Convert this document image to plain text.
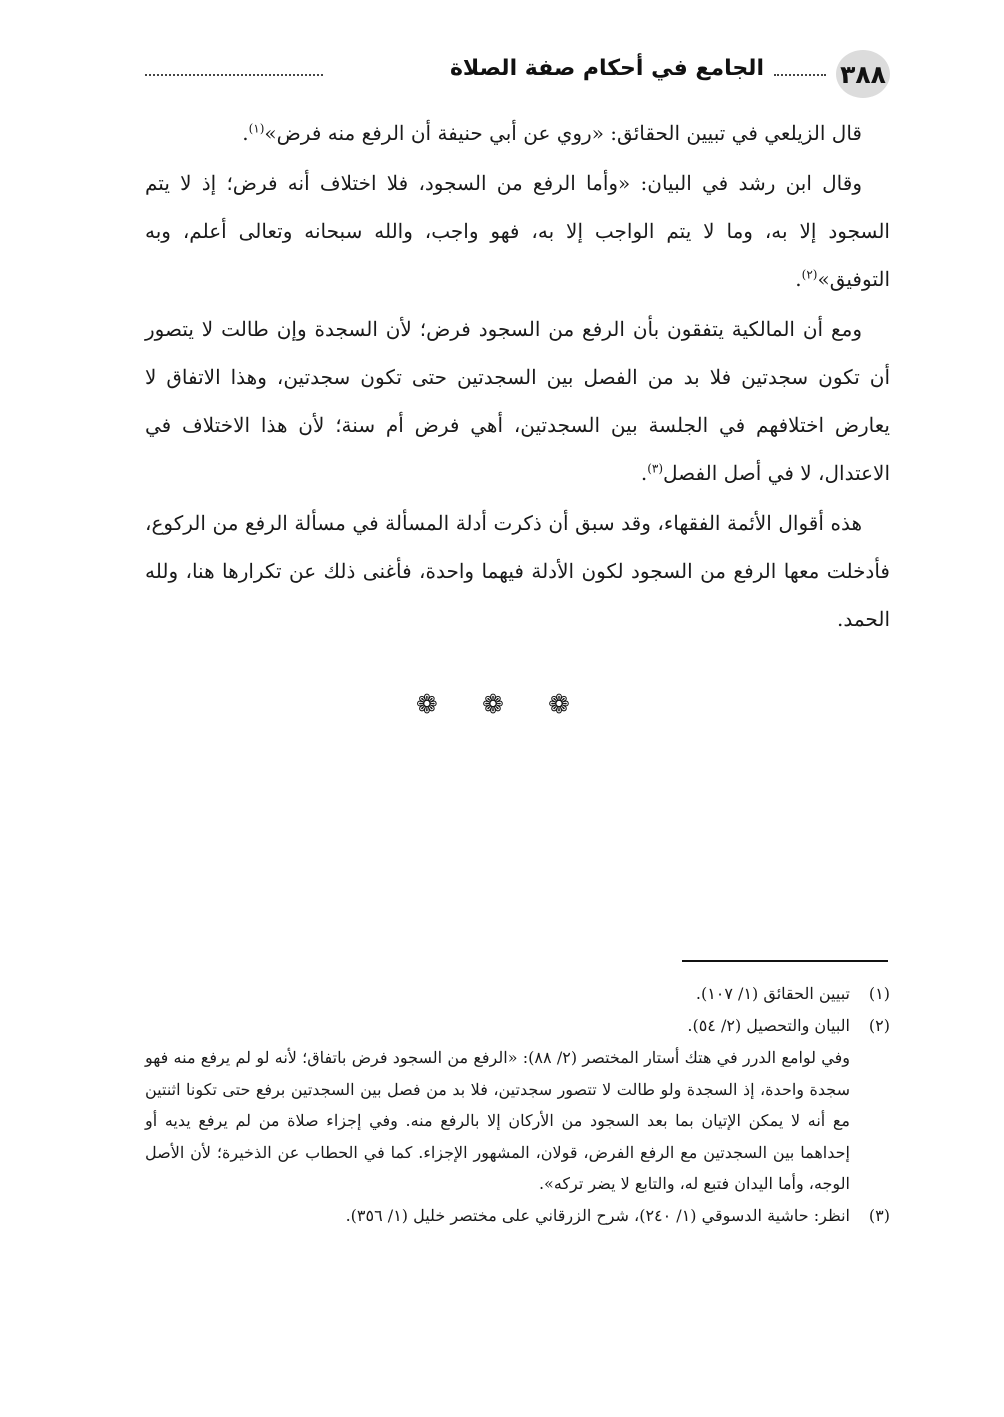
٣٨٨
الجامع في أحكام صفة الصلاة

قال الزيلعي في تبيين الحقائق: «روي عن أبي حنيفة أن الرفع منه فرض»$^{(١)}$.

وقال ابن رشد في البيان: «وأما الرفع من السجود، فلا اختلاف أنه فرض؛ إذ لا يتم السجود إلا به، وما لا يتم الواجب إلا به، فهو واجب، والله سبحانه وتعالى أعلم، وبه التوفيق»$^{(٢)}$.

ومع أن المالكية يتفقون بأن الرفع من السجود فرض؛ لأن السجدة وإن طالت لا يتصور أن تكون سجدتين فلا بد من الفصل بين السجدتين حتى تكون سجدتين، وهذا الاتفاق لا يعارض اختلافهم في الجلسة بين السجدتين، أهي فرض أم سنة؛ لأن هذا الاختلاف في الاعتدال، لا في أصل الفصل$^{(٣)}$.

هذه أقوال الأئمة الفقهاء، وقد سبق أن ذكرت أدلة المسألة في مسألة الرفع من الركوع، فأدخلت معها الرفع من السجود لكون الأدلة فيهما واحدة، فأغنى ذلك عن تكرارها هنا، ولله الحمد.

❁ ❁ ❁
(١)
تبيين الحقائق (١/ ١٠٧).
(٢)
البيان والتحصيل (٢/ ٥٤).

وفي لوامع الدرر في هتك أستار المختصر (٢/ ٨٨): «الرفع من السجود فرض باتفاق؛ لأنه لو لم يرفع منه فهو سجدة واحدة، إذ السجدة ولو طالت لا تتصور سجدتين، فلا بد من فصل بين السجدتين برفع حتى تكونا اثنتين مع أنه لا يمكن الإتيان بما بعد السجود من الأركان إلا بالرفع منه. وفي إجزاء صلاة من لم يرفع يديه أو إحداهما بين السجدتين مع الرفع الفرض، قولان، المشهور الإجزاء. كما في الحطاب عن الذخيرة؛ لأن الأصل الوجه، وأما اليدان فتبع له، والتابع لا يضر تركه».

(٣)
انظر: حاشية الدسوقي (١/ ٢٤٠)، شرح الزرقاني على مختصر خليل (١/ ٣٥٦).
